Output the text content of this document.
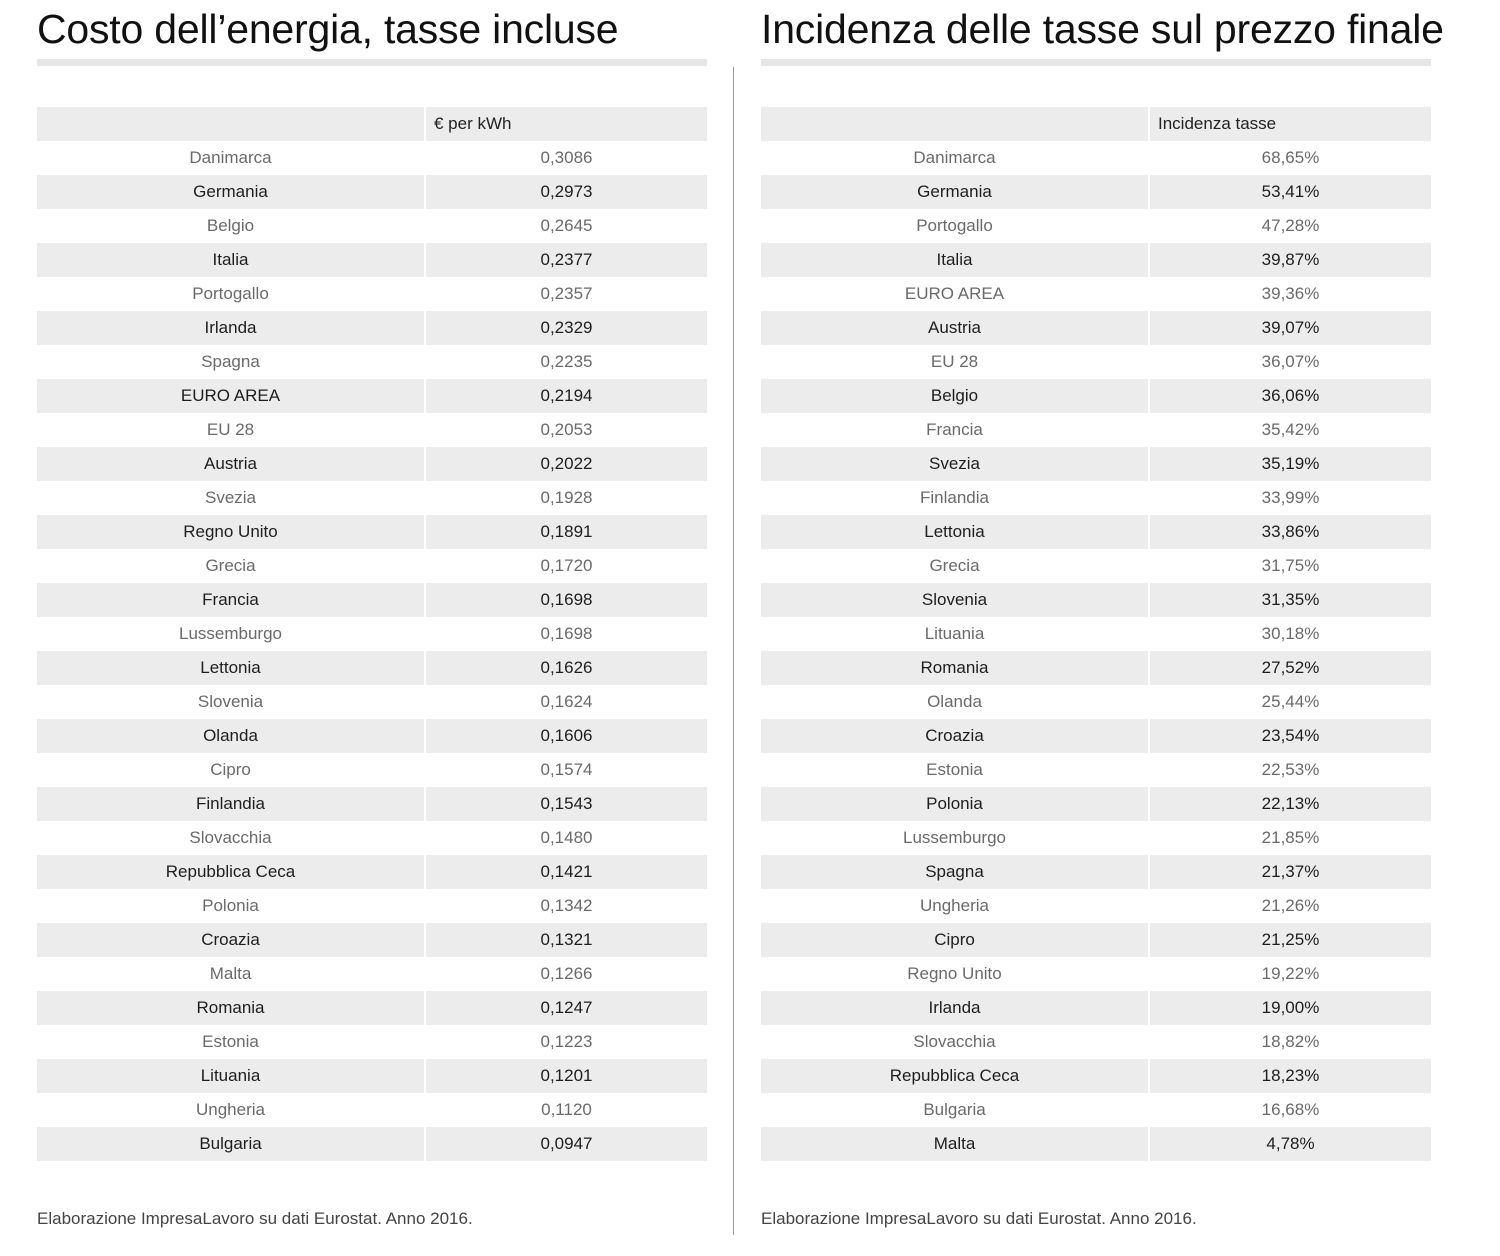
Costo dell’energia, tasse incluse
	€ per kWh
Danimarca	0,3086
Germania	0,2973
Belgio	0,2645
Italia	0,2377
Portogallo	0,2357
Irlanda	0,2329
Spagna	0,2235
EURO AREA	0,2194
EU 28	0,2053
Austria	0,2022
Svezia	0,1928
Regno Unito	0,1891
Grecia	0,1720
Francia	0,1698
Lussemburgo	0,1698
Lettonia	0,1626
Slovenia	0,1624
Olanda	0,1606
Cipro	0,1574
Finlandia	0,1543
Slovacchia	0,1480
Repubblica Ceca	0,1421
Polonia	0,1342
Croazia	0,1321
Malta	0,1266
Romania	0,1247
Estonia	0,1223
Lituania	0,1201
Ungheria	0,1120
Bulgaria	0,0947
Elaborazione ImpresaLavoro su dati Eurostat. Anno 2016.
Incidenza delle tasse sul prezzo finale
	Incidenza tasse
Danimarca	68,65%
Germania	53,41%
Portogallo	47,28%
Italia	39,87%
EURO AREA	39,36%
Austria	39,07%
EU 28	36,07%
Belgio	36,06%
Francia	35,42%
Svezia	35,19%
Finlandia	33,99%
Lettonia	33,86%
Grecia	31,75%
Slovenia	31,35%
Lituania	30,18%
Romania	27,52%
Olanda	25,44%
Croazia	23,54%
Estonia	22,53%
Polonia	22,13%
Lussemburgo	21,85%
Spagna	21,37%
Ungheria	21,26%
Cipro	21,25%
Regno Unito	19,22%
Irlanda	19,00%
Slovacchia	18,82%
Repubblica Ceca	18,23%
Bulgaria	16,68%
Malta	4,78%
Elaborazione ImpresaLavoro su dati Eurostat. Anno 2016.
